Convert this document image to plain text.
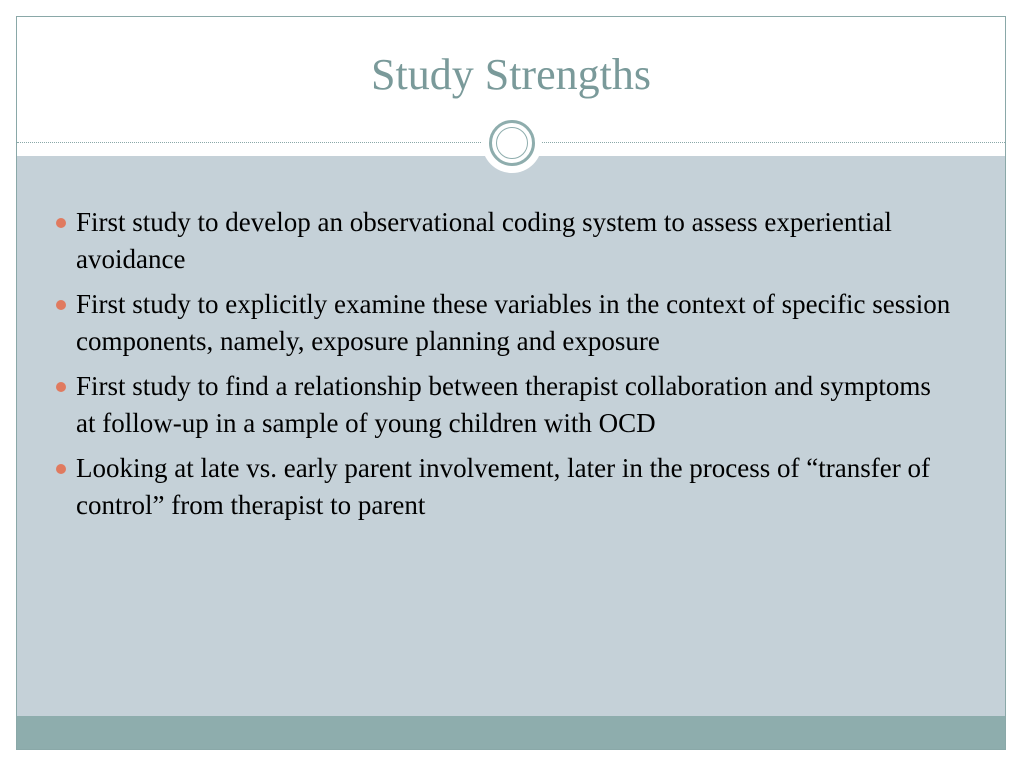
Study Strengths
First study to develop an observational coding system to assess experiential avoidance
First study to explicitly examine these variables in the context of specific session components, namely, exposure planning and exposure
First study to find a relationship between therapist collaboration and symptoms at follow-up in a sample of young children with OCD
Looking at late vs. early parent involvement, later in the process of “transfer of control” from therapist to parent
